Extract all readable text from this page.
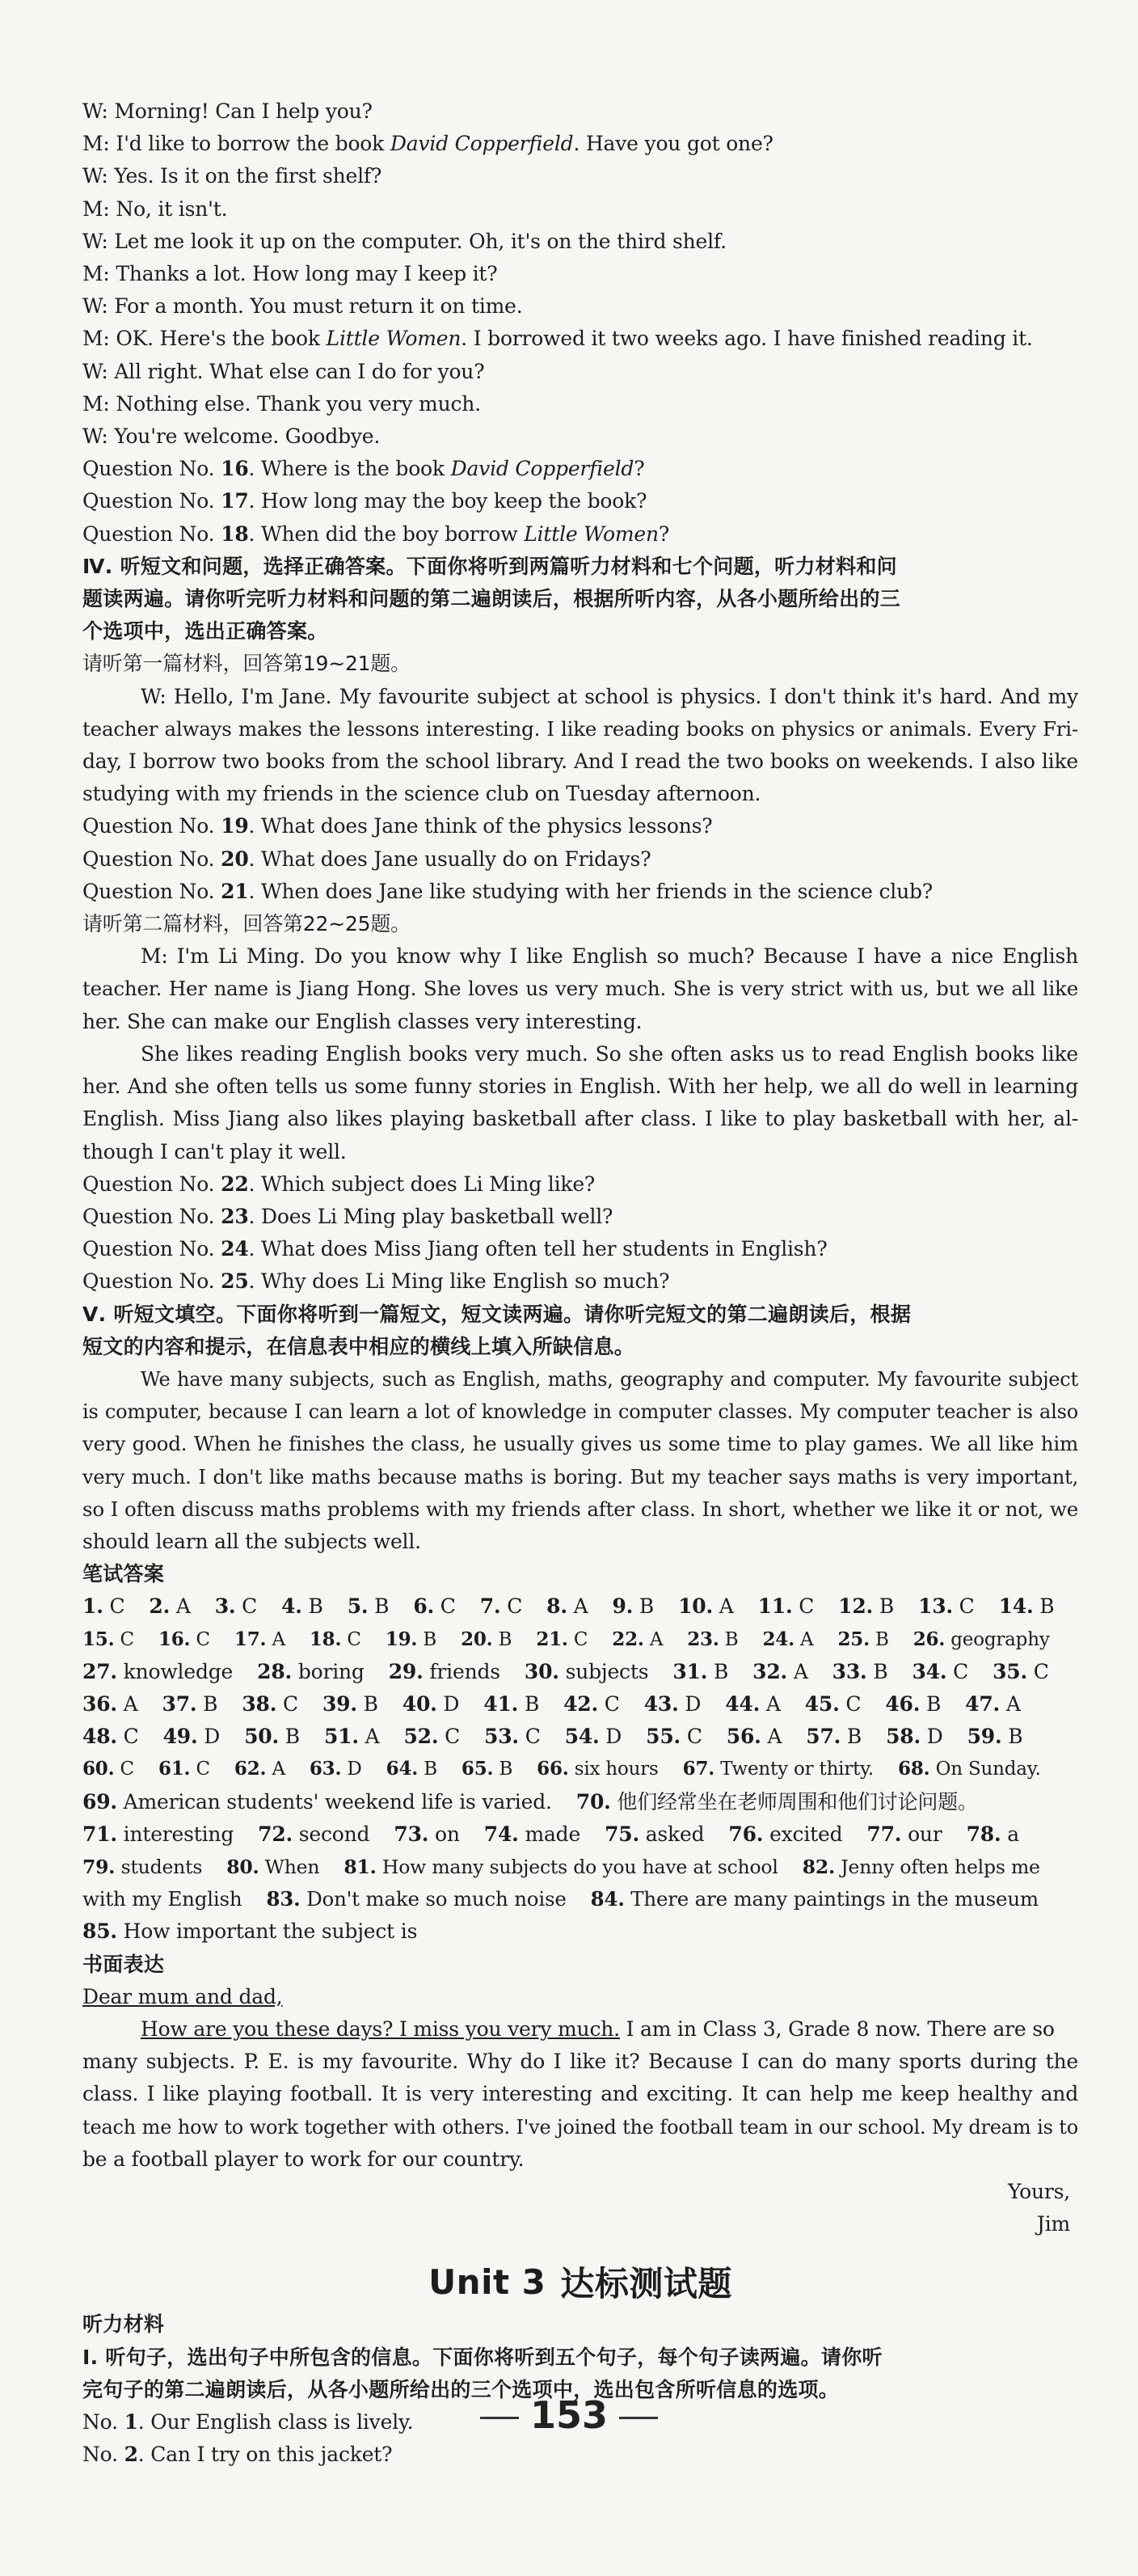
W: Morning! Can I help you?
M: I'd like to borrow the book David Copperfield. Have you got one?
W: Yes. Is it on the first shelf?
M: No, it isn't.
W: Let me look it up on the computer. Oh, it's on the third shelf.
M: Thanks a lot. How long may I keep it?
W: For a month. You must return it on time.
M: OK. Here's the book Little Women. I borrowed it two weeks ago. I have finished reading it.
W: All right. What else can I do for you?
M: Nothing else. Thank you very much.
W: You're welcome. Goodbye.
Question No. 16. Where is the book David Copperfield?
Question No. 17. How long may the boy keep the book?
Question No. 18. When did the boy borrow Little Women?
Ⅳ. 听短文和问题，选择正确答案。下面你将听到两篇听力材料和七个问题，听力材料和问
题读两遍。请你听完听力材料和问题的第二遍朗读后，根据所听内容，从各小题所给出的三
个选项中，选出正确答案。
请听第一篇材料，回答第19~21题。
W: Hello, I'm Jane. My favourite subject at school is physics. I don't think it's hard. And my
teacher always makes the lessons interesting. I like reading books on physics or animals. Every Fri-
day, I borrow two books from the school library. And I read the two books on weekends. I also like
studying with my friends in the science club on Tuesday afternoon.
Question No. 19. What does Jane think of the physics lessons?
Question No. 20. What does Jane usually do on Fridays?
Question No. 21. When does Jane like studying with her friends in the science club?
请听第二篇材料，回答第22~25题。
M: I'm Li Ming. Do you know why I like English so much? Because I have a nice English
teacher. Her name is Jiang Hong. She loves us very much. She is very strict with us, but we all like
her. She can make our English classes very interesting.
She likes reading English books very much. So she often asks us to read English books like
her. And she often tells us some funny stories in English. With her help, we all do well in learning
English. Miss Jiang also likes playing basketball after class. I like to play basketball with her, al-
though I can't play it well.
Question No. 22. Which subject does Li Ming like?
Question No. 23. Does Li Ming play basketball well?
Question No. 24. What does Miss Jiang often tell her students in English?
Question No. 25. Why does Li Ming like English so much?
Ⅴ. 听短文填空。下面你将听到一篇短文，短文读两遍。请你听完短文的第二遍朗读后，根据
短文的内容和提示，在信息表中相应的横线上填入所缺信息。
We have many subjects, such as English, maths, geography and computer. My favourite subject
is computer, because I can learn a lot of knowledge in computer classes. My computer teacher is also
very good. When he finishes the class, he usually gives us some time to play games. We all like him
very much. I don't like maths because maths is boring. But my teacher says maths is very important,
so I often discuss maths problems with my friends after class. In short, whether we like it or not, we
should learn all the subjects well.
笔试答案
1. C 2. A 3. C 4. B 5. B 6. C 7. C 8. A 9. B 10. A 11. C 12. B 13. C 14. B
15. C 16. C 17. A 18. C 19. B 20. B 21. C 22. A 23. B 24. A 25. B 26. geography
27. knowledge 28. boring 29. friends 30. subjects 31. B 32. A 33. B 34. C 35. C
36. A 37. B 38. C 39. B 40. D 41. B 42. C 43. D 44. A 45. C 46. B 47. A
48. C 49. D 50. B 51. A 52. C 53. C 54. D 55. C 56. A 57. B 58. D 59. B
60. C 61. C 62. A 63. D 64. B 65. B 66. six hours 67. Twenty or thirty. 68. On Sunday.
69. American students' weekend life is varied. 70. 他们经常坐在老师周围和他们讨论问题。
71. interesting 72. second 73. on 74. made 75. asked 76. excited 77. our 78. a
79. students 80. When 81. How many subjects do you have at school 82. Jenny often helps me
with my English 83. Don't make so much noise 84. There are many paintings in the museum
85. How important the subject is
书面表达
Dear mum and dad,
How are you these days? I miss you very much. I am in Class 3, Grade 8 now. There are so
many subjects. P. E. is my favourite. Why do I like it? Because I can do many sports during the
class. I like playing football. It is very interesting and exciting. It can help me keep healthy and
teach me how to work together with others. I've joined the football team in our school. My dream is to
be a football player to work for our country.
Yours,
Jim
Unit 3 达标测试题
听力材料
Ⅰ. 听句子，选出句子中所包含的信息。下面你将听到五个句子，每个句子读两遍。请你听
完句子的第二遍朗读后，从各小题所给出的三个选项中，选出包含所听信息的选项。
No. 1. Our English class is lively.
No. 2. Can I try on this jacket?
153
